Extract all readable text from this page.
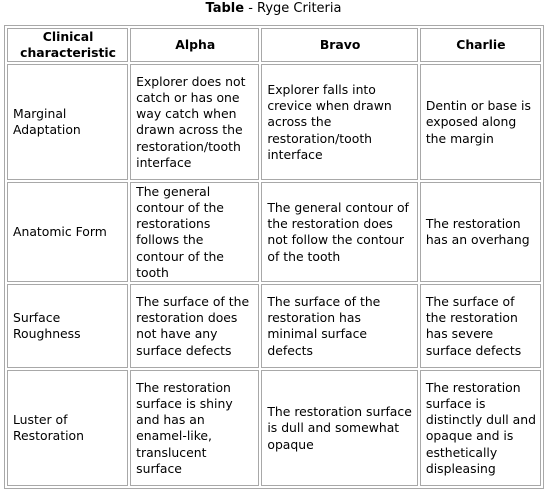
Table - Ryge Criteria
Clinical characteristic	Alpha	Bravo	Charlie
Marginal Adaptation	Explorer does not catch or has one way catch when drawn across the restoration/tooth interface	Explorer falls into crevice when drawn across the restoration/tooth interface	Dentin or base is exposed along the margin
Anatomic Form	The general contour of the restorations follows the contour of the tooth	The general contour of the restoration does not follow the contour of the tooth	The restoration has an overhang
Surface Roughness	The surface of the restoration does not have any surface defects	The surface of the restoration has minimal surface defects	The surface of the restoration has severe surface defects
Luster of Restoration	The restoration surface is shiny and has an enamel-like, translucent surface	The restoration surface is dull and somewhat opaque	The restoration surface is distinctly dull and opaque and is esthetically displeasing
